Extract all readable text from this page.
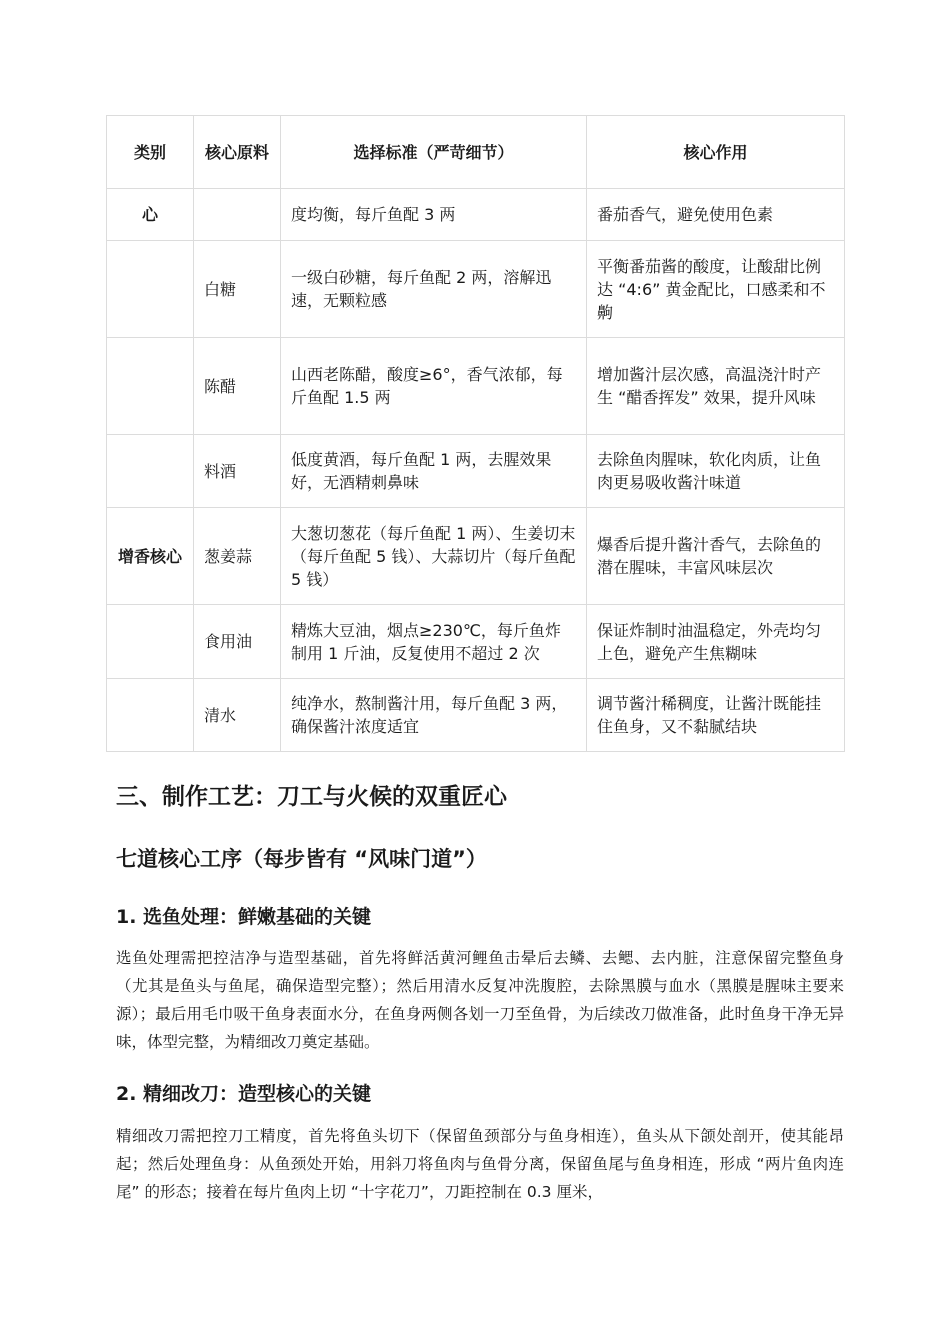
类别	核心原料	选择标准（严苛细节）	核心作用
心		度均衡，每斤鱼配 3 两	番茄香气，避免使用色素
	白糖	一级白砂糖，每斤鱼配 2 两，溶解迅速，无颗粒感	平衡番茄酱的酸度，让酸甜比例达 “4:6” 黄金配比，口感柔和不齁
	陈醋	山西老陈醋，酸度≥6°，香气浓郁，每斤鱼配 1.5 两	增加酱汁层次感，高温浇汁时产生 “醋香挥发” 效果，提升风味
	料酒	低度黄酒，每斤鱼配 1 两，去腥效果好，无酒精刺鼻味	去除鱼肉腥味，软化肉质，让鱼肉更易吸收酱汁味道
增香核心	葱姜蒜	大葱切葱花（每斤鱼配 1 两）、生姜切末（每斤鱼配 5 钱）、大蒜切片（每斤鱼配 5 钱）	爆香后提升酱汁香气，去除鱼的潜在腥味，丰富风味层次
	食用油	精炼大豆油，烟点≥230℃，每斤鱼炸制用 1 斤油，反复使用不超过 2 次	保证炸制时油温稳定，外壳均匀上色，避免产生焦糊味
	清水	纯净水，熬制酱汁用，每斤鱼配 3 两，确保酱汁浓度适宜	调节酱汁稀稠度，让酱汁既能挂住鱼身，又不黏腻结块
三、制作工艺：刀工与火候的双重匠心
七道核心工序（每步皆有 “风味门道”）
1. 选鱼处理：鲜嫩基础的关键

选鱼处理需把控洁净与造型基础，首先将鲜活黄河鲤鱼击晕后去鳞、去鳃、去内脏，注意保留完整鱼身（尤其是鱼头与鱼尾，确保造型完整）；然后用清水反复冲洗腹腔，去除黑膜与血水（黑膜是腥味主要来源）；最后用毛巾吸干鱼身表面水分，在鱼身两侧各划一刀至鱼骨，为后续改刀做准备，此时鱼身干净无异味，体型完整，为精细改刀奠定基础。

2. 精细改刀：造型核心的关键

精细改刀需把控刀工精度，首先将鱼头切下（保留鱼颈部分与鱼身相连），鱼头从下颌处剖开，使其能昂起；然后处理鱼身：从鱼颈处开始，用斜刀将鱼肉与鱼骨分离，保留鱼尾与鱼身相连，形成 “两片鱼肉连尾” 的形态；接着在每片鱼肉上切 “十字花刀”，刀距控制在 0.3 厘米，
